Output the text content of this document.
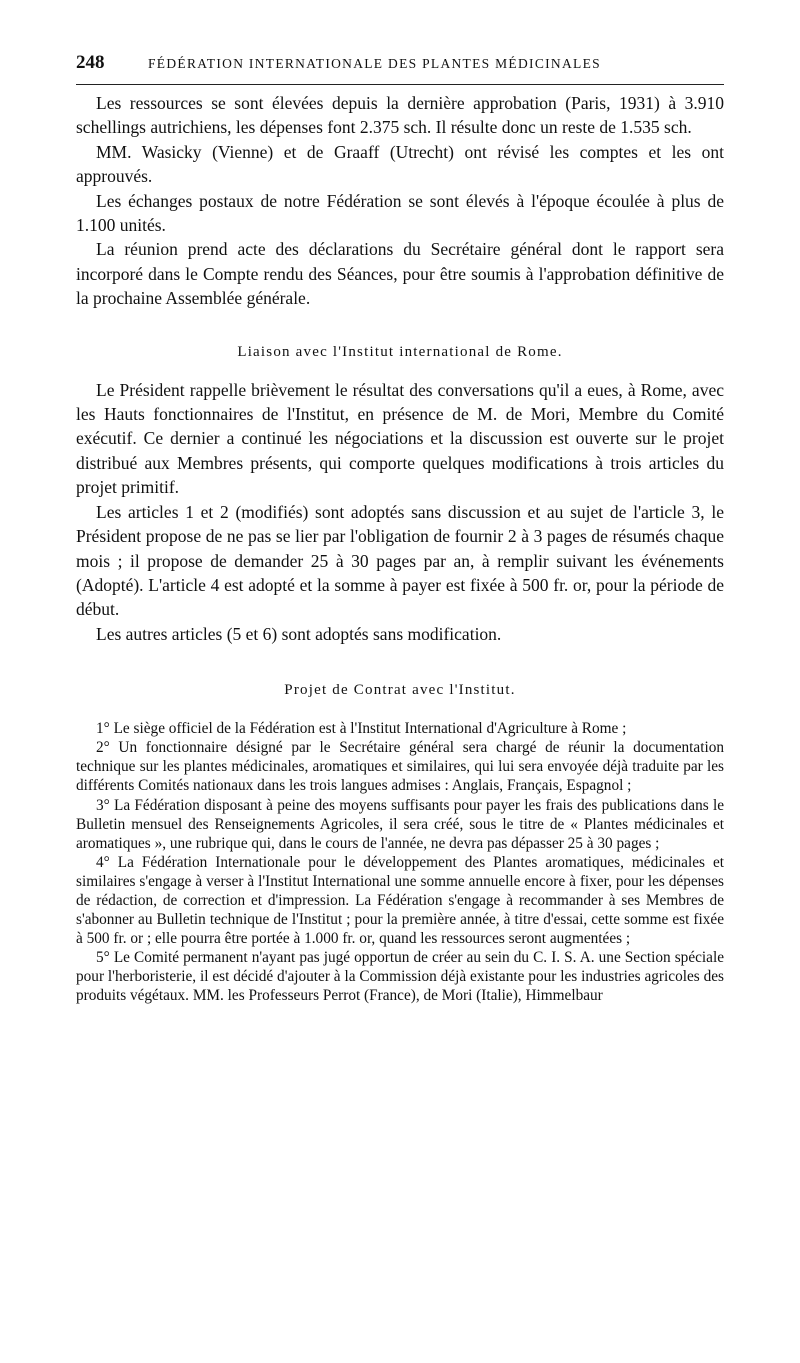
248	FÉDÉRATION INTERNATIONALE DES PLANTES MÉDICINALES

Les ressources se sont élevées depuis la dernière approbation (Paris, 1931) à 3.910 schellings autrichiens, les dépenses font 2.375 sch. Il résulte donc un reste de 1.535 sch.

MM. Wasicky (Vienne) et de Graaff (Utrecht) ont révisé les comptes et les ont approuvés.

Les échanges postaux de notre Fédération se sont élevés à l'époque écoulée à plus de 1.100 unités.

La réunion prend acte des déclarations du Secrétaire général dont le rapport sera incorporé dans le Compte rendu des Séances, pour être soumis à l'approbation définitive de la prochaine Assemblée générale.

Liaison avec l'Institut international de Rome.

Le Président rappelle brièvement le résultat des conversations qu'il a eues, à Rome, avec les Hauts fonctionnaires de l'Institut, en présence de M. de Mori, Membre du Comité exécutif. Ce dernier a continué les négociations et la discussion est ouverte sur le projet distribué aux Membres présents, qui comporte quelques modifications à trois articles du projet primitif.

Les articles 1 et 2 (modifiés) sont adoptés sans discussion et au sujet de l'article 3, le Président propose de ne pas se lier par l'obligation de fournir 2 à 3 pages de résumés chaque mois ; il propose de demander 25 à 30 pages par an, à remplir suivant les événements (Adopté). L'article 4 est adopté et la somme à payer est fixée à 500 fr. or, pour la période de début.

Les autres articles (5 et 6) sont adoptés sans modification.

Projet de Contrat avec l'Institut.

1° Le siège officiel de la Fédération est à l'Institut International d'Agriculture à Rome ;

2° Un fonctionnaire désigné par le Secrétaire général sera chargé de réunir la documentation technique sur les plantes médicinales, aromatiques et similaires, qui lui sera envoyée déjà traduite par les différents Comités nationaux dans les trois langues admises : Anglais, Français, Espagnol ;

3° La Fédération disposant à peine des moyens suffisants pour payer les frais des publications dans le Bulletin mensuel des Renseignements Agricoles, il sera créé, sous le titre de « Plantes médicinales et aromatiques », une rubrique qui, dans le cours de l'année, ne devra pas dépasser 25 à 30 pages ;

4° La Fédération Internationale pour le développement des Plantes aromatiques, médicinales et similaires s'engage à verser à l'Institut International une somme annuelle encore à fixer, pour les dépenses de rédaction, de correction et d'impression. La Fédération s'engage à recommander à ses Membres de s'abonner au Bulletin technique de l'Institut ; pour la première année, à titre d'essai, cette somme est fixée à 500 fr. or ; elle pourra être portée à 1.000 fr. or, quand les ressources seront augmentées ;

5° Le Comité permanent n'ayant pas jugé opportun de créer au sein du C. I. S. A. une Section spéciale pour l'herboristerie, il est décidé d'ajouter à la Commission déjà existante pour les industries agricoles des produits végétaux. MM. les Professeurs Perrot (France), de Mori (Italie), Himmelbaur
